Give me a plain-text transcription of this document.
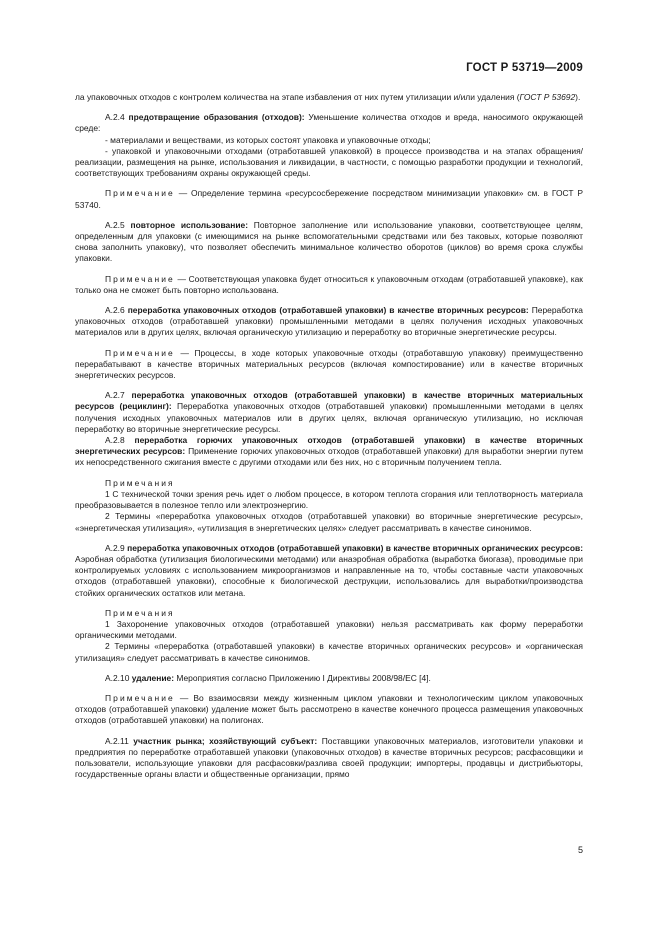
ГОСТ Р 53719—2009

ла упаковочных отходов с контролем количества на этапе избавления от них путем утилизации и/или удаления (ГОСТ Р 53692).

А.2.4 предотвращение образования (отходов): Уменьшение количества отходов и вреда, наносимого окружающей среде:

- материалами и веществами, из которых состоят упаковка и упаковочные отходы;

- упаковкой и упаковочными отходами (отработавшей упаковкой) в процессе производства и на этапах обращения/реализации, размещения на рынке, использования и ликвидации, в частности, с помощью разработки продукции и технологий, соответствующих требованиям охраны окружающей среды.

Примечание — Определение термина «ресурсосбережение посредством минимизации упаковки» см. в ГОСТ Р 53740.

А.2.5 повторное использование: Повторное заполнение или использование упаковки, соответствующее целям, определенным для упаковки (с имеющимися на рынке вспомогательными средствами или без таковых, которые позволяют снова заполнить упаковку), что позволяет обеспечить минимальное количество оборотов (циклов) во время срока службы упаковки.

Примечание — Соответствующая упаковка будет относиться к упаковочным отходам (отработавшей упаковке), как только она не сможет быть повторно использована.

А.2.6 переработка упаковочных отходов (отработавшей упаковки) в качестве вторичных ресурсов: Переработка упаковочных отходов (отработавшей упаковки) промышленными методами в целях получения исходных упаковочных материалов или в других целях, включая органическую утилизацию и переработку во вторичные энергетические ресурсы.

Примечание — Процессы, в ходе которых упаковочные отходы (отработавшую упаковку) преимущественно перерабатывают в качестве вторичных материальных ресурсов (включая компостирование) или в качестве вторичных энергетических ресурсов.

А.2.7 переработка упаковочных отходов (отработавшей упаковки) в качестве вторичных материальных ресурсов (рециклинг): Переработка упаковочных отходов (отработавшей упаковки) промышленными методами в целях получения исходных упаковочных материалов или в других целях, включая органическую утилизацию, но исключая переработку во вторичные энергетические ресурсы.

А.2.8 переработка горючих упаковочных отходов (отработавшей упаковки) в качестве вторичных энергетических ресурсов: Применение горючих упаковочных отходов (отработавшей упаковки) для выработки энергии путем их непосредственного сжигания вместе с другими отходами или без них, но с вторичным получением тепла.

Примечания

1 С технической точки зрения речь идет о любом процессе, в котором теплота сгорания или теплотворность материала преобразовывается в полезное тепло или электроэнергию.

2 Термины «переработка упаковочных отходов (отработавшей упаковки) во вторичные энергетические ресурсы», «энергетическая утилизация», «утилизация в энергетических целях» следует рассматривать в качестве синонимов.

А.2.9 переработка упаковочных отходов (отработавшей упаковки) в качестве вторичных органических ресурсов: Аэробная обработка (утилизация биологическими методами) или анаэробная обработка (выработка биогаза), проводимые при контролируемых условиях с использованием микроорганизмов и направленные на то, чтобы составные части упаковочных отходов (отработавшей упаковки), способные к биологической деструкции, использовались для выработки/производства стойких органических остатков или метана.

Примечания

1 Захоронение упаковочных отходов (отработавшей упаковки) нельзя рассматривать как форму переработки органическими методами.

2 Термины «переработка (отработавшей упаковки) в качестве вторичных органических ресурсов» и «органическая утилизация» следует рассматривать в качестве синонимов.

А.2.10 удаление: Мероприятия согласно Приложению I Директивы 2008/98/ЕС [4].

Примечание — Во взаимосвязи между жизненным циклом упаковки и технологическим циклом упаковочных отходов (отработавшей упаковки) удаление может быть рассмотрено в качестве конечного процесса размещения упаковочных отходов (отработавшей упаковки) на полигонах.

А.2.11 участник рынка; хозяйствующий субъект: Поставщики упаковочных материалов, изготовители упаковки и предприятия по переработке отработавшей упаковки (упаковочных отходов) в качестве вторичных ресурсов; расфасовщики и пользователи, использующие упаковки для расфасовки/разлива своей продукции; импортеры, продавцы и дистрибьюторы, государственные органы власти и общественные организации, прямо

5
